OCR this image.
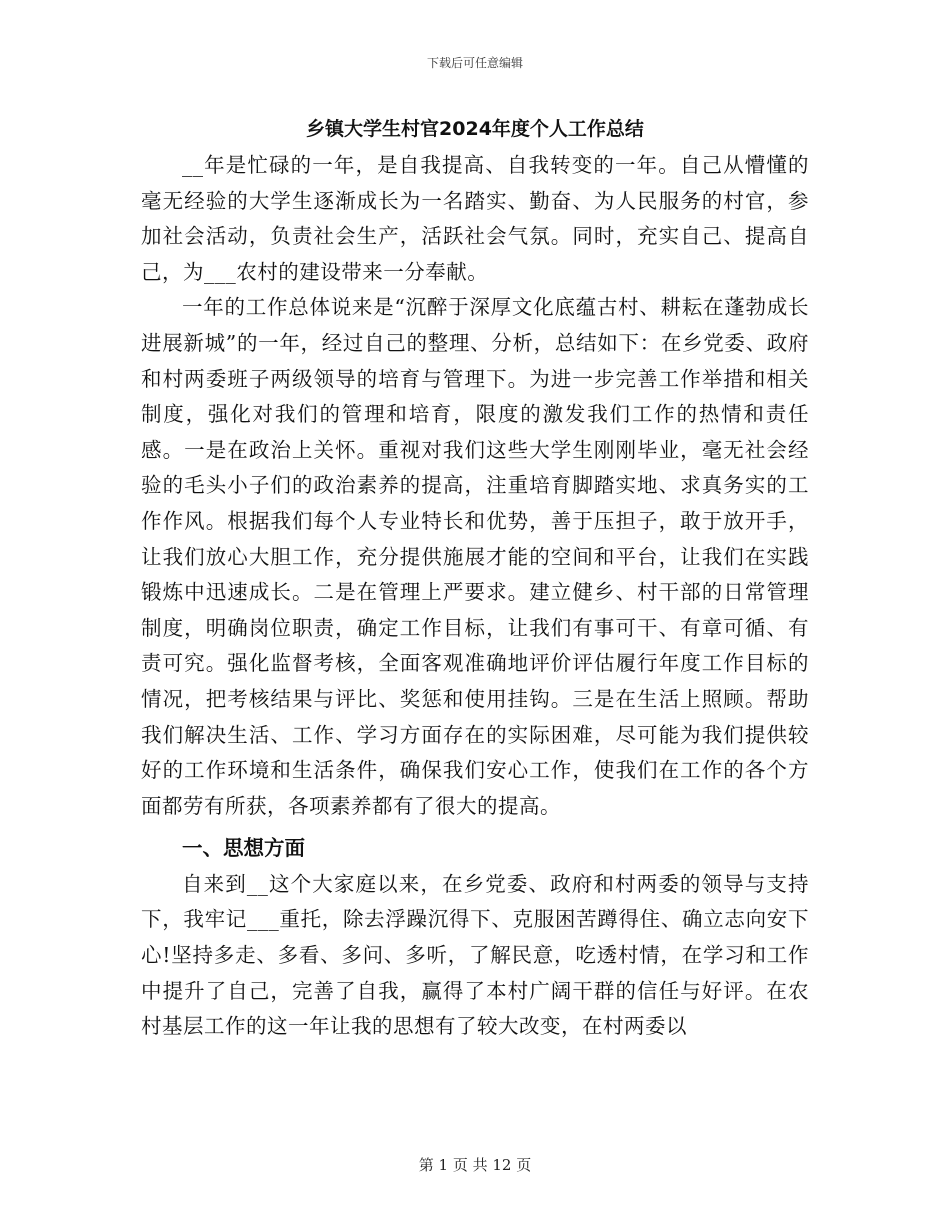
下载后可任意编辑
乡镇大学生村官2024年度个人工作总结

__年是忙碌的一年，是自我提高、自我转变的一年。自己从懵懂的毫无经验的大学生逐渐成长为一名踏实、勤奋、为人民服务的村官，参加社会活动，负责社会生产，活跃社会气氛。同时，充实自己、提高自己，为___农村的建设带来一分奉献。

一年的工作总体说来是“沉醉于深厚文化底蕴古村、耕耘在蓬勃成长进展新城”的一年，经过自己的整理、分析，总结如下：在乡党委、政府和村两委班子两级领导的培育与管理下。为进一步完善工作举措和相关制度，强化对我们的管理和培育，限度的激发我们工作的热情和责任感。一是在政治上关怀。重视对我们这些大学生刚刚毕业，毫无社会经验的毛头小子们的政治素养的提高，注重培育脚踏实地、求真务实的工作作风。根据我们每个人专业特长和优势，善于压担子，敢于放开手，让我们放心大胆工作，充分提供施展才能的空间和平台，让我们在实践锻炼中迅速成长。二是在管理上严要求。建立健乡、村干部的日常管理制度，明确岗位职责，确定工作目标，让我们有事可干、有章可循、有责可究。强化监督考核，全面客观准确地评价评估履行年度工作目标的情况，把考核结果与评比、奖惩和使用挂钩。三是在生活上照顾。帮助我们解决生活、工作、学习方面存在的实际困难，尽可能为我们提供较好的工作环境和生活条件，确保我们安心工作，使我们在工作的各个方面都劳有所获，各项素养都有了很大的提高。

一、思想方面

自来到__这个大家庭以来，在乡党委、政府和村两委的领导与支持下，我牢记___重托，除去浮躁沉得下、克服困苦蹲得住、确立志向安下心!坚持多走、多看、多问、多听，了解民意，吃透村情，在学习和工作中提升了自己，完善了自我，赢得了本村广阔干群的信任与好评。在农村基层工作的这一年让我的思想有了较大改变，在村两委以

第 1 页 共 12 页
